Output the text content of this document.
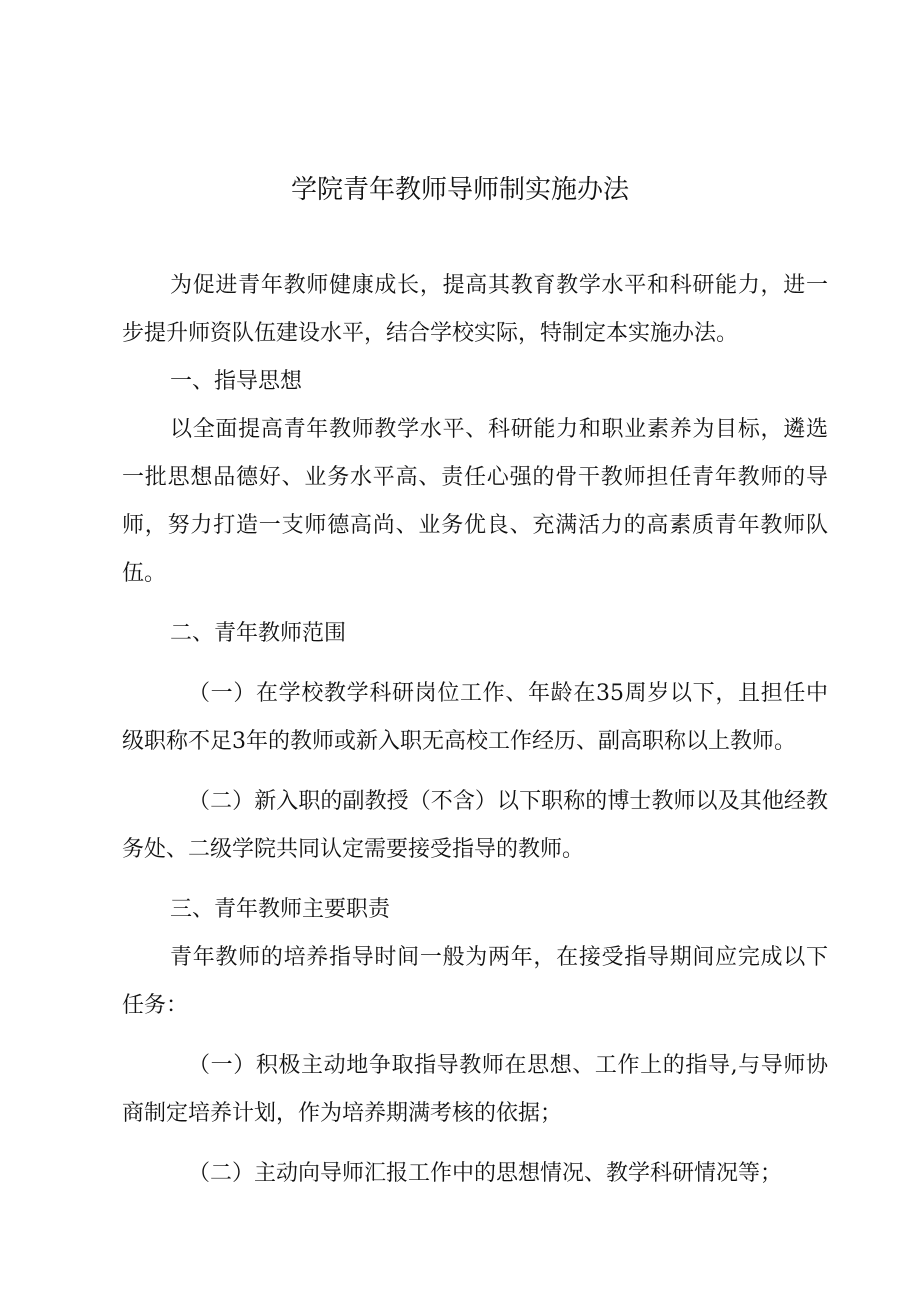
学院青年教师导师制实施办法

为促进青年教师健康成长，提高其教育教学水平和科研能力，进一步提升师资队伍建设水平，结合学校实际，特制定本实施办法。

一、指导思想

以全面提高青年教师教学水平、科研能力和职业素养为目标，遴选一批思想品德好、业务水平高、责任心强的骨干教师担任青年教师的导师，努力打造一支师德高尚、业务优良、充满活力的高素质青年教师队伍。

二、青年教师范围

（一）在学校教学科研岗位工作、年龄在35周岁以下，且担任中级职称不足3年的教师或新入职无高校工作经历、副高职称以上教师。

（二）新入职的副教授（不含）以下职称的博士教师以及其他经教务处、二级学院共同认定需要接受指导的教师。

三、青年教师主要职责

青年教师的培养指导时间一般为两年，在接受指导期间应完成以下任务：

（一）积极主动地争取指导教师在思想、工作上的指导,与导师协商制定培养计划，作为培养期满考核的依据；

（二）主动向导师汇报工作中的思想情况、教学科研情况等；
